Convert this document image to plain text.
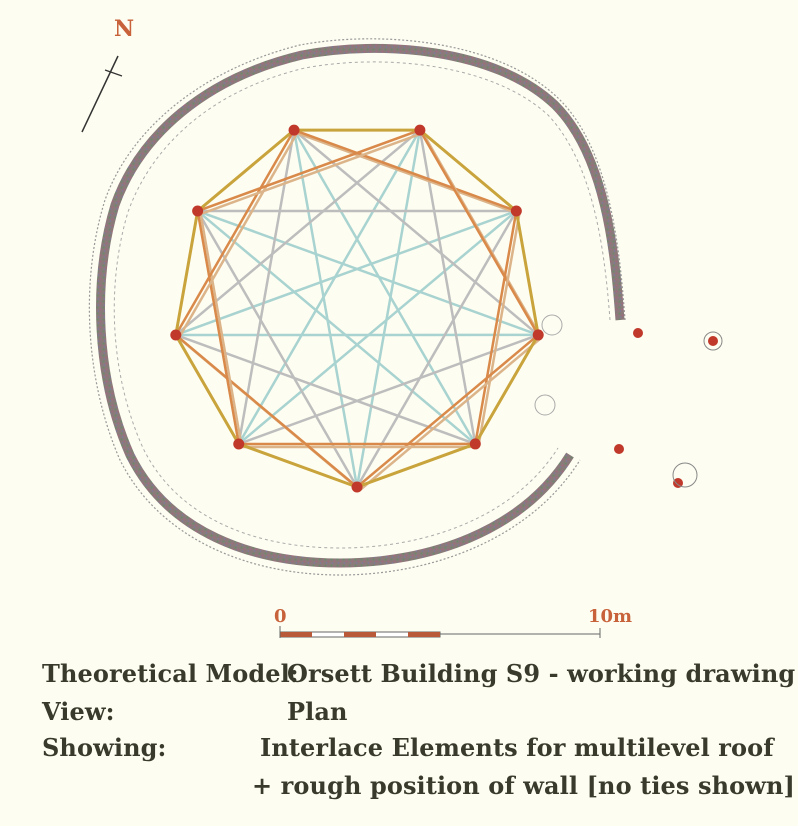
N
0	10m
Theoretical Model:
Orsett Building S9 - working drawing
View:	Plan
Showing:	Interlace Elements for multilevel roof
+ rough position of wall [no ties shown]
